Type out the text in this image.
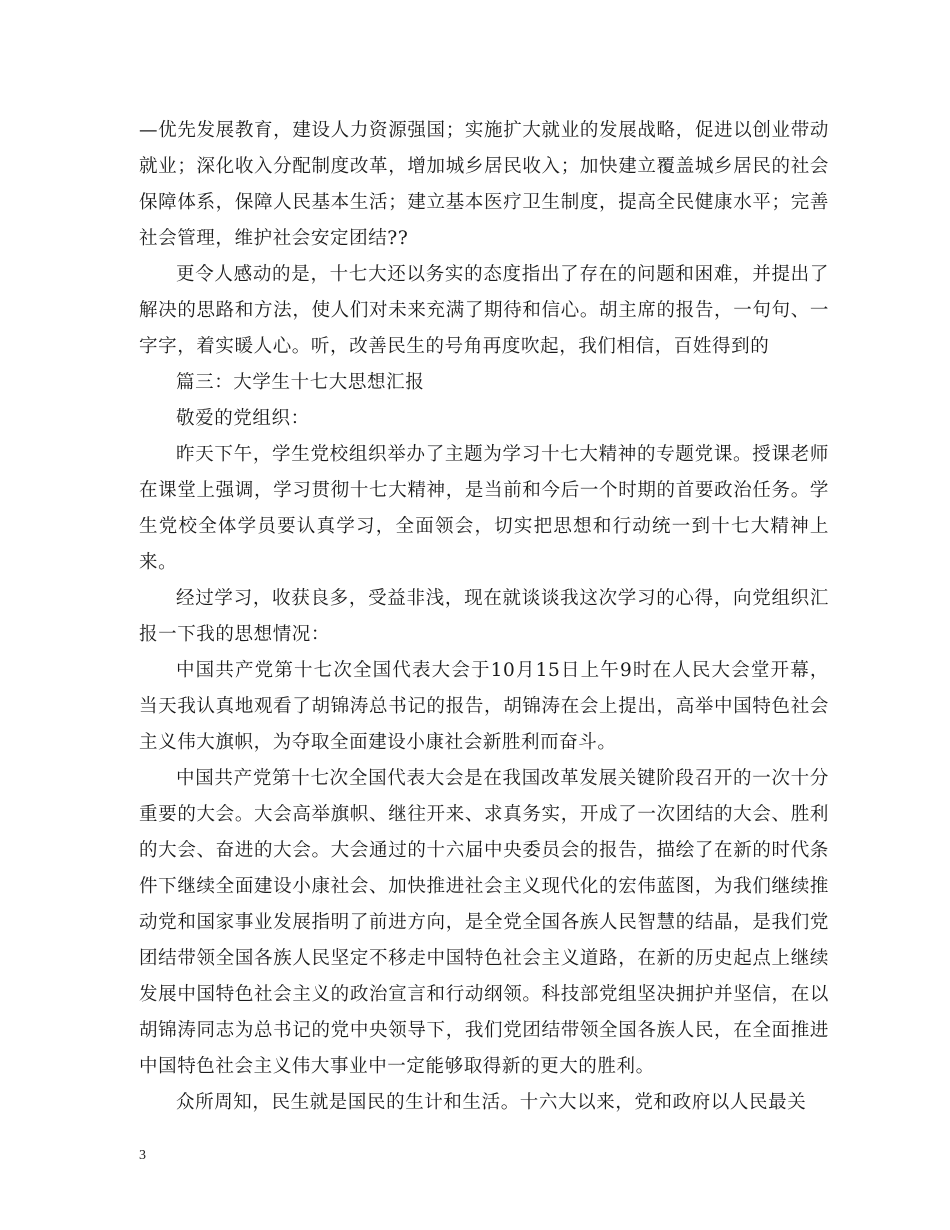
—优先发展教育，建设人力资源强国；实施扩大就业的发展战略，促进以创业带动就业；深化收入分配制度改革，增加城乡居民收入；加快建立覆盖城乡居民的社会保障体系，保障人民基本生活；建立基本医疗卫生制度，提高全民健康水平；完善社会管理，维护社会安定团结??

更令人感动的是，十七大还以务实的态度指出了存在的问题和困难，并提出了解决的思路和方法，使人们对未来充满了期待和信心。胡主席的报告，一句句、一字字，着实暖人心。听，改善民生的号角再度吹起，我们相信，百姓得到的

篇三：大学生十七大思想汇报

敬爱的党组织：

昨天下午，学生党校组织举办了主题为学习十七大精神的专题党课。授课老师在课堂上强调，学习贯彻十七大精神，是当前和今后一个时期的首要政治任务。学生党校全体学员要认真学习，全面领会，切实把思想和行动统一到十七大精神上来。

经过学习，收获良多，受益非浅，现在就谈谈我这次学习的心得，向党组织汇报一下我的思想情况：

中国共产党第十七次全国代表大会于10月15日上午9时在人民大会堂开幕，当天我认真地观看了胡锦涛总书记的报告，胡锦涛在会上提出，高举中国特色社会主义伟大旗帜，为夺取全面建设小康社会新胜利而奋斗。

中国共产党第十七次全国代表大会是在我国改革发展关键阶段召开的一次十分重要的大会。大会高举旗帜、继往开来、求真务实，开成了一次团结的大会、胜利的大会、奋进的大会。大会通过的十六届中央委员会的报告，描绘了在新的时代条件下继续全面建设小康社会、加快推进社会主义现代化的宏伟蓝图，为我们继续推动党和国家事业发展指明了前进方向，是全党全国各族人民智慧的结晶，是我们党团结带领全国各族人民坚定不移走中国特色社会主义道路，在新的历史起点上继续发展中国特色社会主义的政治宣言和行动纲领。科技部党组坚决拥护并坚信，在以胡锦涛同志为总书记的党中央领导下，我们党团结带领全国各族人民，在全面推进中国特色社会主义伟大事业中一定能够取得新的更大的胜利。

众所周知，民生就是国民的生计和生活。十六大以来，党和政府以人民最关

3
